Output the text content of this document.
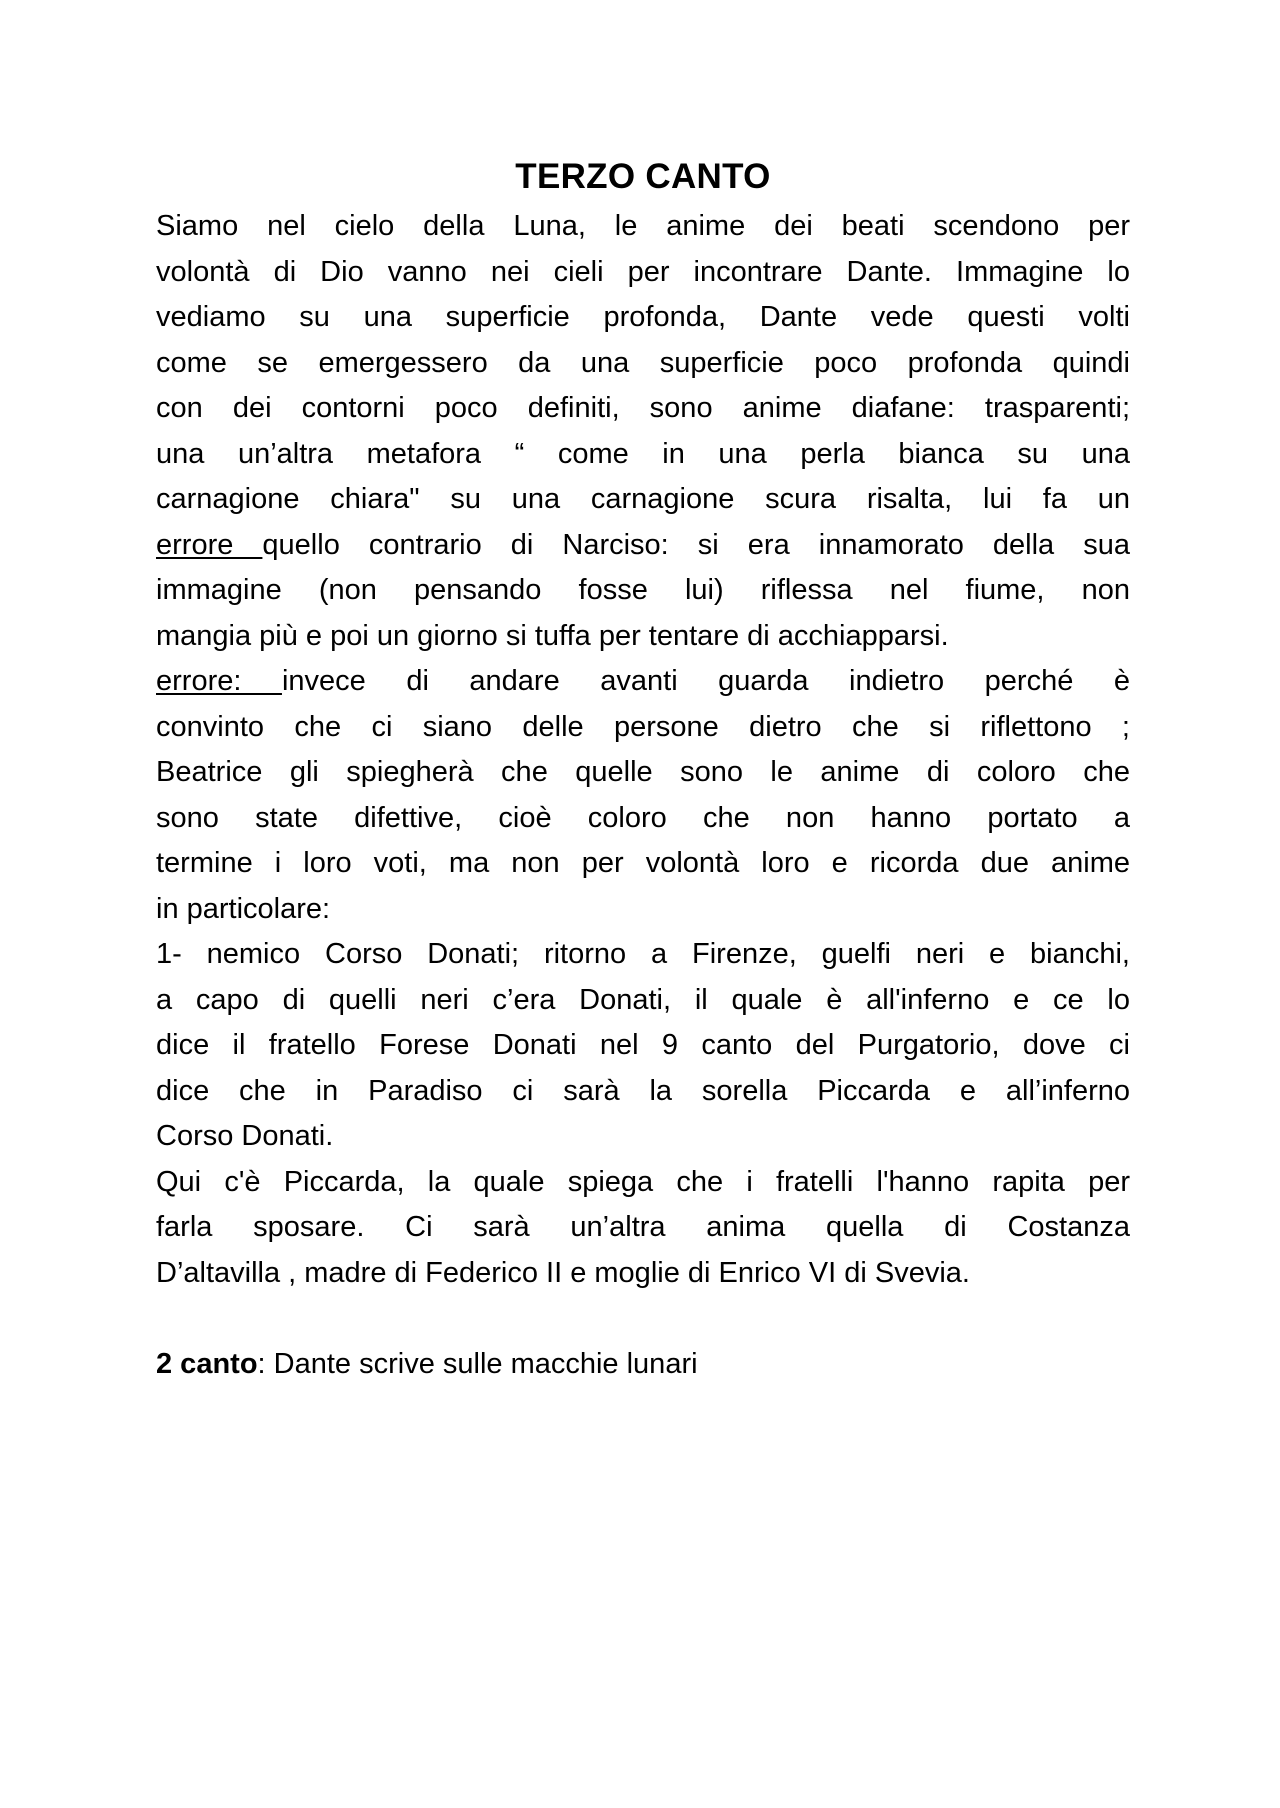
TERZO CANTO
Siamo nel cielo della Luna, le anime dei beati scendono per
volontà di Dio vanno nei cieli per incontrare Dante. Immagine lo
vediamo su una superficie profonda, Dante vede questi volti
come se emergessero da una superficie poco profonda quindi
con dei contorni poco definiti, sono anime diafane: trasparenti;
una un’altra metafora “ come in una perla bianca su una
carnagione chiara" su una carnagione scura risalta, lui fa un
errore quello contrario di Narciso: si era innamorato della sua
immagine (non pensando fosse lui) riflessa nel fiume, non
mangia più e poi un giorno si tuffa per tentare di acchiapparsi.
errore: invece di andare avanti guarda indietro perché è
convinto che ci siano delle persone dietro che si riflettono ;
Beatrice gli spiegherà che quelle sono le anime di coloro che
sono state difettive, cioè coloro che non hanno portato a
termine i loro voti, ma non per volontà loro e ricorda due anime
in particolare:
1- nemico Corso Donati; ritorno a Firenze, guelfi neri e bianchi,
a capo di quelli neri c’era Donati, il quale è all'inferno e ce lo
dice il fratello Forese Donati nel 9 canto del Purgatorio, dove ci
dice che in Paradiso ci sarà la sorella Piccarda e all’inferno
Corso Donati.
Qui c'è Piccarda, la quale spiega che i fratelli l'hanno rapita per
farla sposare. Ci sarà un’altra anima quella di Costanza
D’altavilla , madre di Federico II e moglie di Enrico VI di Svevia.
2 canto: Dante scrive sulle macchie lunari
